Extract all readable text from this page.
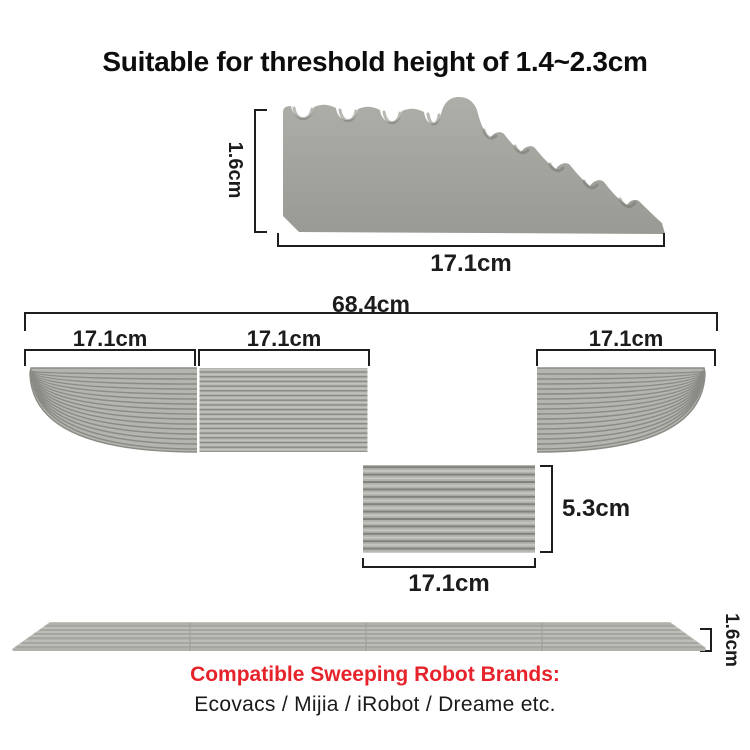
Suitable for threshold height of 1.4~2.3cm
1.6cm
17.1cm
68.4cm
17.1cm	17.1cm	17.1cm
5.3cm
17.1cm
1.6cm
Compatible Sweeping Robot Brands:
Ecovacs / Mijia / iRobot / Dreame etc.
